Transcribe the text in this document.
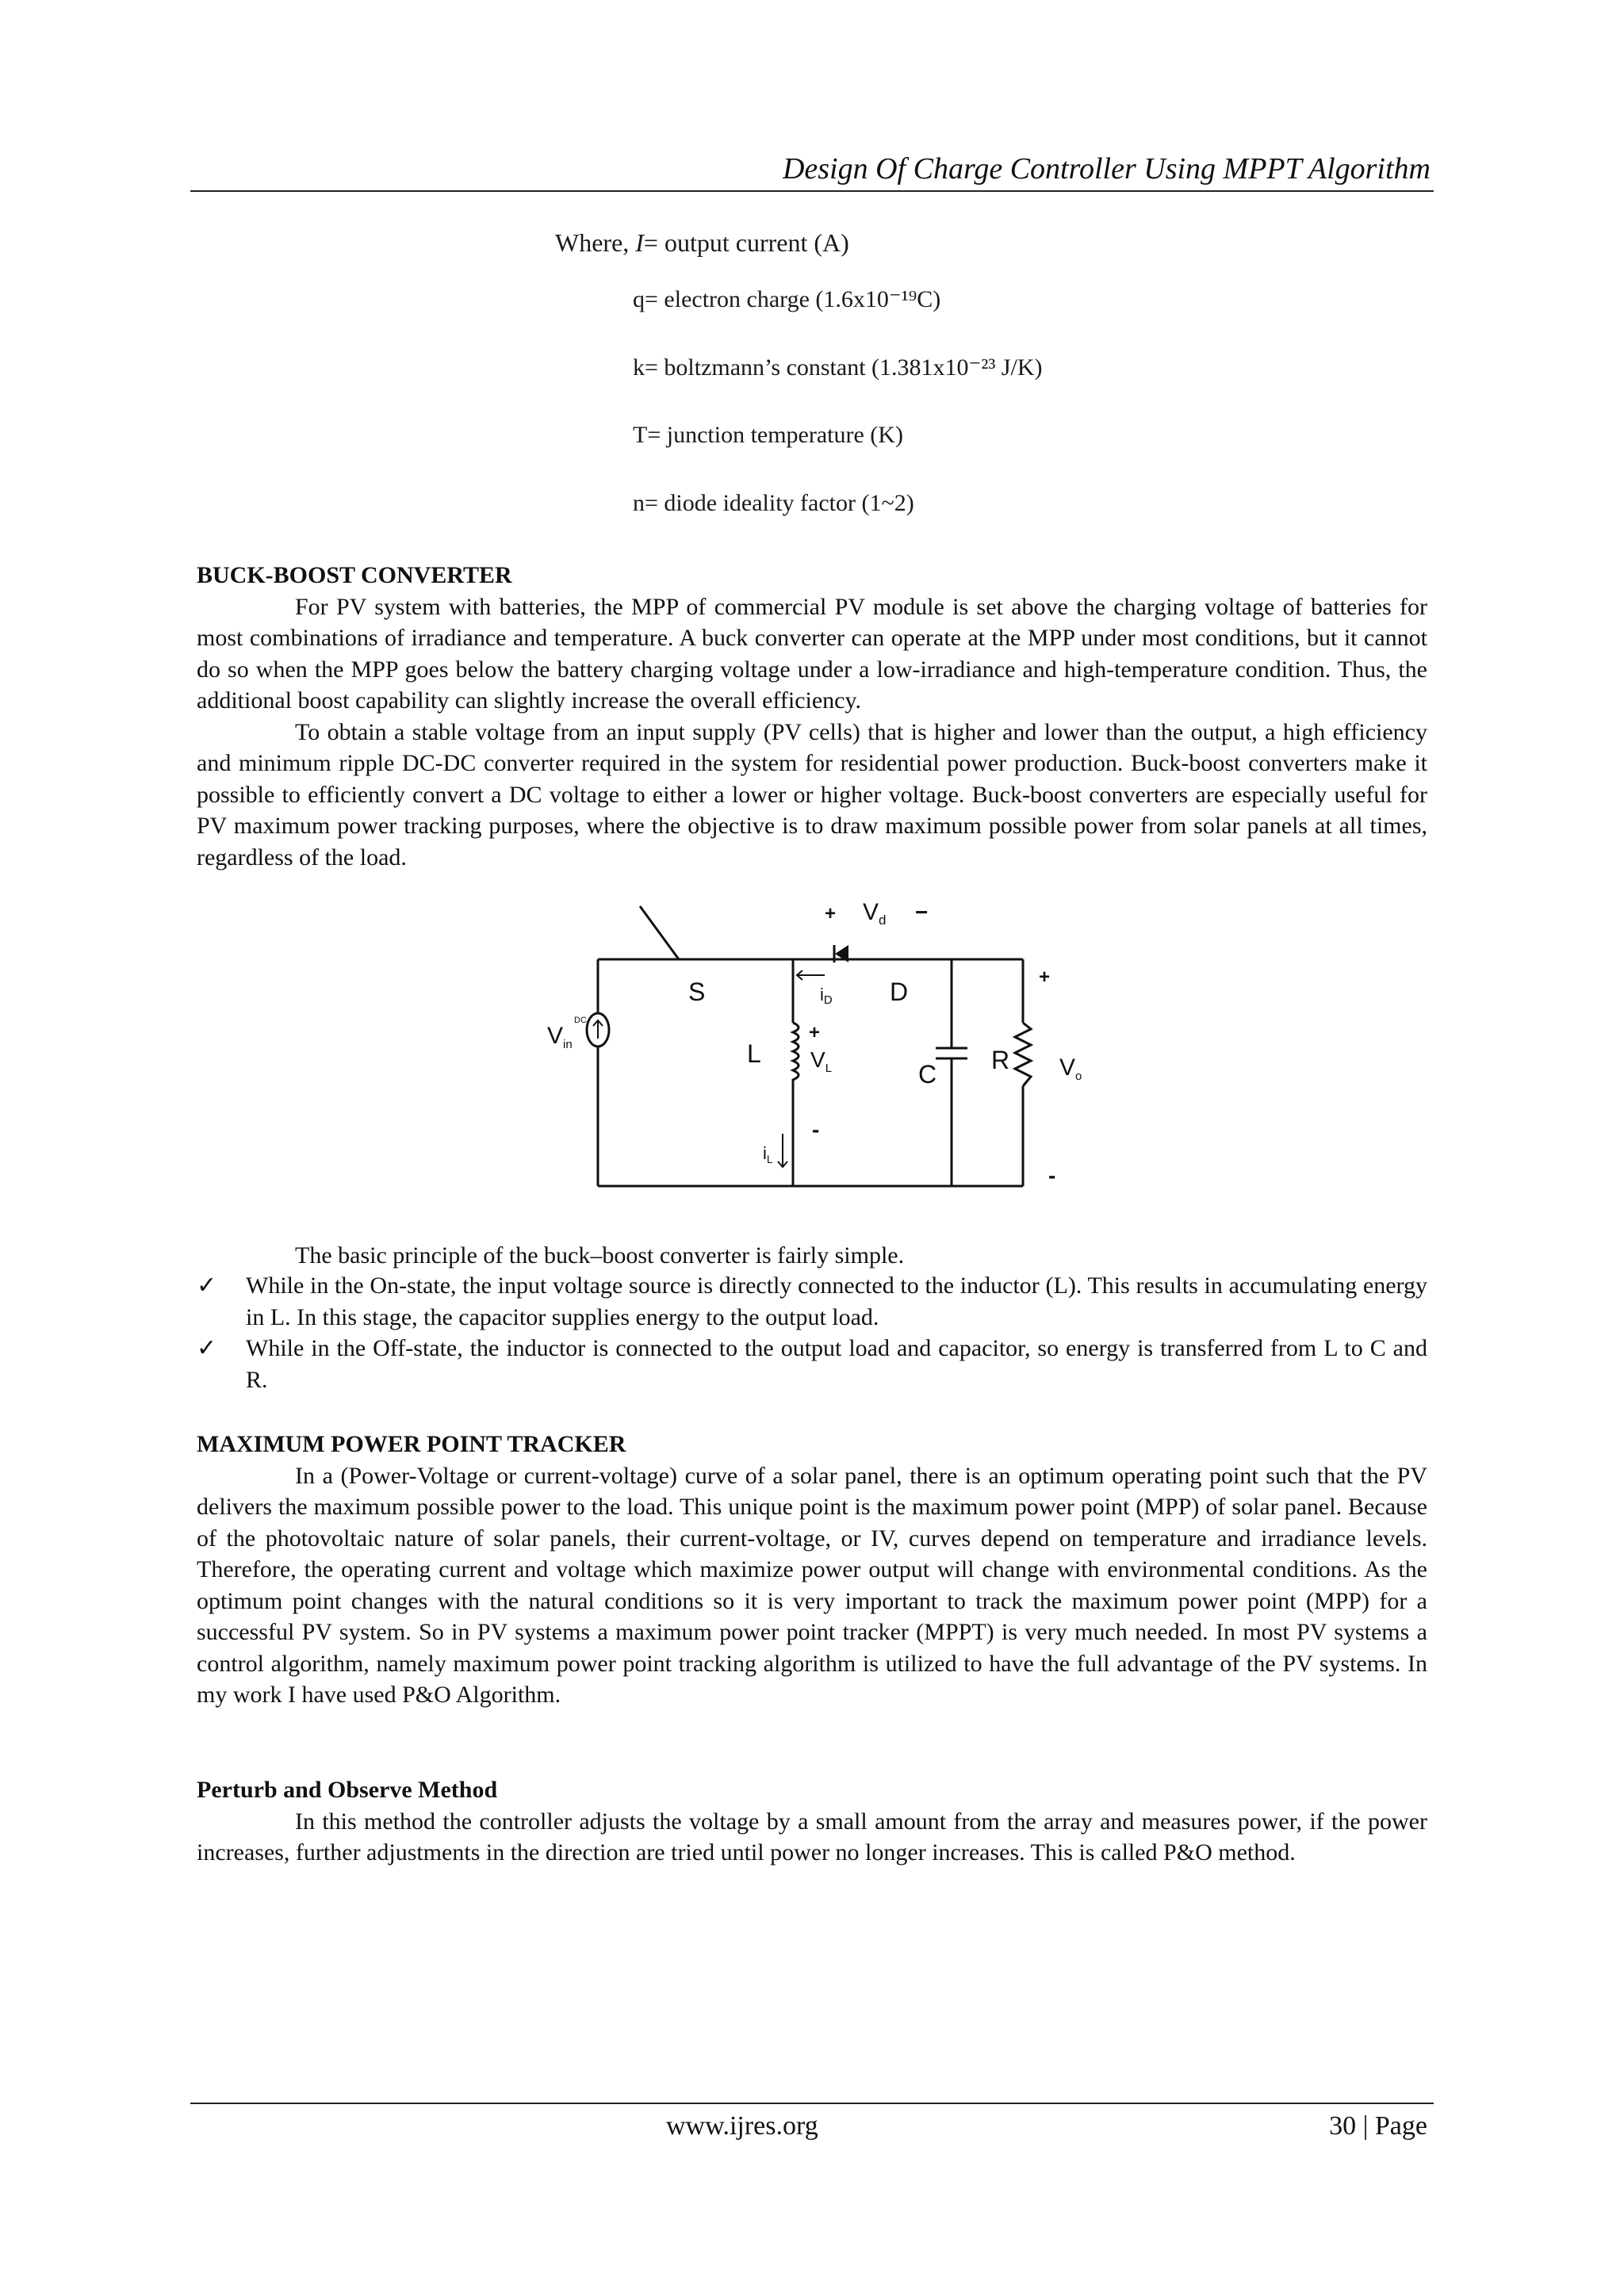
Design Of Charge Controller Using MPPT Algorithm
Where, I= output current (A)
q= electron charge (1.6x10⁻¹⁹C)
k= boltzmann’s constant (1.381x10⁻²³ J/K)
T= junction temperature (K)
n= diode ideality factor (1~2)

BUCK-BOOST CONVERTER

For PV system with batteries, the MPP of commercial PV module is set above the charging voltage of batteries for most combinations of irradiance and temperature. A buck converter can operate at the MPP under most conditions, but it cannot do so when the MPP goes below the battery charging voltage under a low-irradiance and high-temperature condition. Thus, the additional boost capability can slightly increase the overall efficiency.

To obtain a stable voltage from an input supply (PV cells) that is higher and lower than the output, a high efficiency and minimum ripple DC-DC converter required in the system for residential power production. Buck-boost converters make it possible to efficiently convert a DC voltage to either a lower or higher voltage. Buck-boost converters are especially useful for PV maximum power tracking purposes, where the objective is to draw maximum possible power from solar panels at all times, regardless of the load.

+ $V_d$ −
S	iD D
$V_{in}$
DC
L
+
$V_L$
-
$i_L$
C R
+
$V_o$
-
The basic principle of the buck–boost converter is fairly simple.
✓ While in the On-state, the input voltage source is directly connected to the inductor (L). This results in accumulating energy in L. In this stage, the capacitor supplies energy to the output load.
✓ While in the Off-state, the inductor is connected to the output load and capacitor, so energy is transferred from L to C and R.

MAXIMUM POWER POINT TRACKER

In a (Power-Voltage or current-voltage) curve of a solar panel, there is an optimum operating point such that the PV delivers the maximum possible power to the load. This unique point is the maximum power point (MPP) of solar panel. Because of the photovoltaic nature of solar panels, their current-voltage, or IV, curves depend on temperature and irradiance levels. Therefore, the operating current and voltage which maximize power output will change with environmental conditions. As the optimum point changes with the natural conditions so it is very important to track the maximum power point (MPP) for a successful PV system. So in PV systems a maximum power point tracker (MPPT) is very much needed. In most PV systems a control algorithm, namely maximum power point tracking algorithm is utilized to have the full advantage of the PV systems. In my work I have used P&O Algorithm.

Perturb and Observe Method

In this method the controller adjusts the voltage by a small amount from the array and measures power, if the power increases, further adjustments in the direction are tried until power no longer increases. This is called P&O method.

www.ijres.org	30 | Page
